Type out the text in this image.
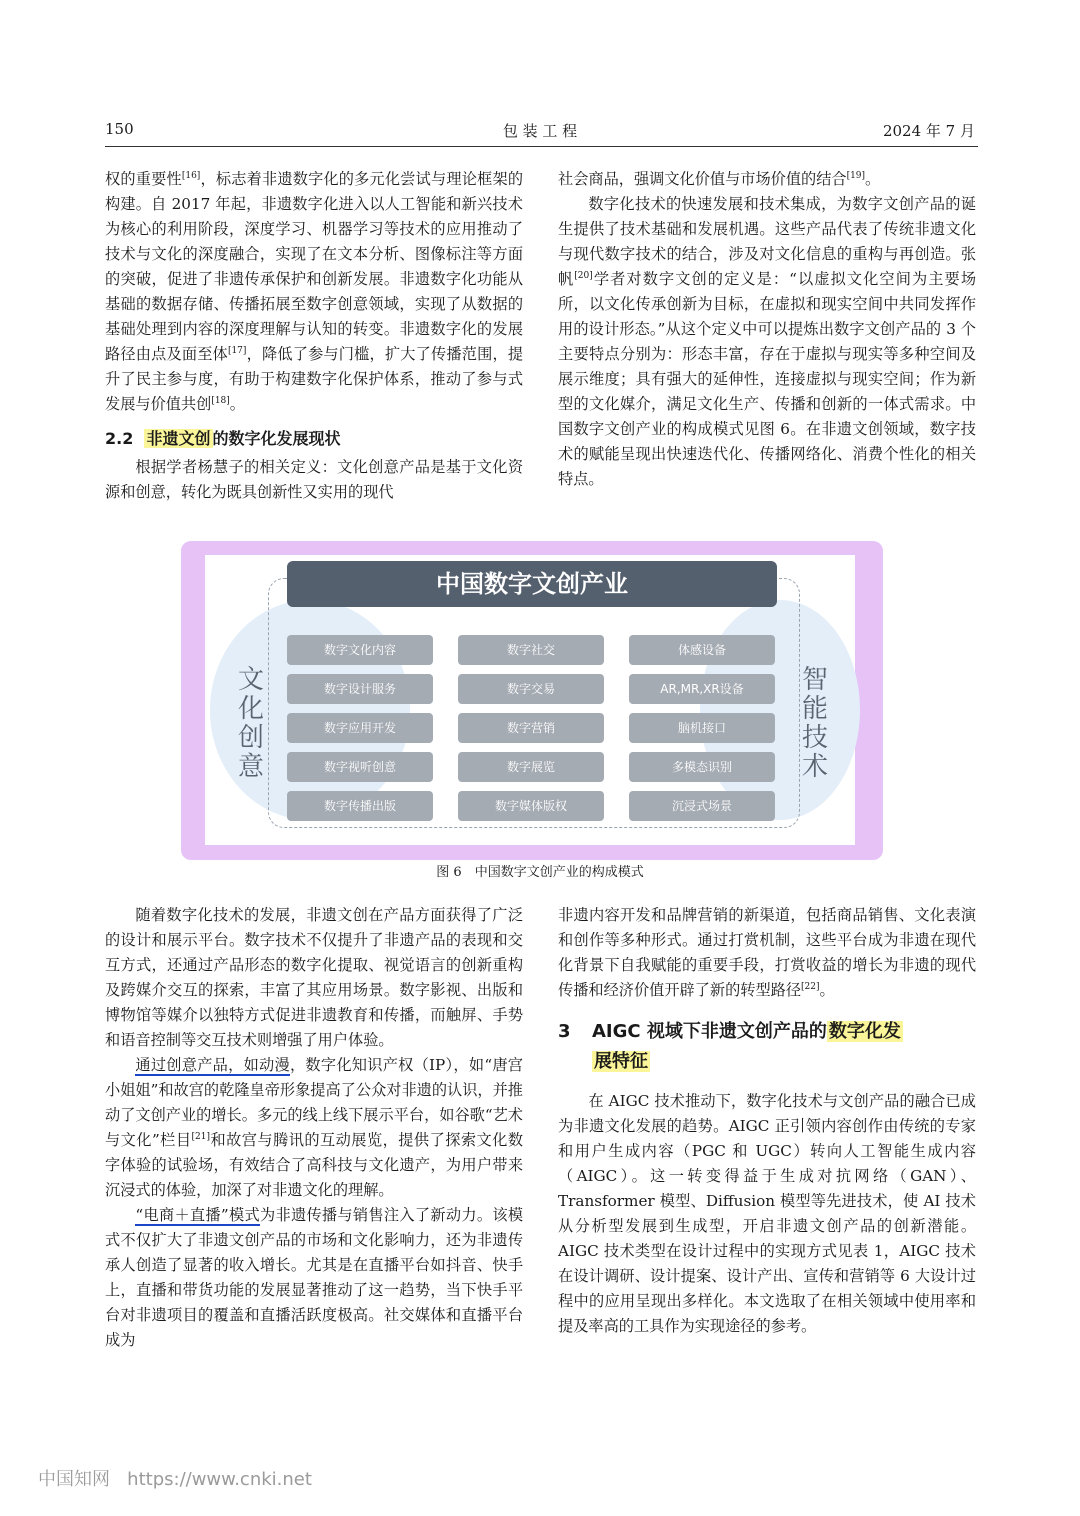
150	包 装 工 程	2024 年 7 月

权的重要性[16]，标志着非遗数字化的多元化尝试与理论框架的构建。自 2017 年起，非遗数字化进入以人工智能和新兴技术为核心的利用阶段，深度学习、机器学习等技术的应用推动了技术与文化的深度融合，实现了在文本分析、图像标注等方面的突破，促进了非遗传承保护和创新发展。非遗数字化功能从基础的数据存储、传播拓展至数字创意领域，实现了从数据的基础处理到内容的深度理解与认知的转变。非遗数字化的发展路径由点及面至体[17]，降低了参与门槛，扩大了传播范围，提升了民主参与度，有助于构建数字化保护体系，推动了参与式发展与价值共创[18]。

2.2 非遗文创 的数字化发展现状

根据学者杨慧子的相关定义：文化创意产品是基于文化资源和创意，转化为既具创新性又实用的现代

社会商品，强调文化价值与市场价值的结合[19]。

数字化技术的快速发展和技术集成，为数字文创产品的诞生提供了技术基础和发展机遇。这些产品代表了传统非遗文化与现代数字技术的结合，涉及对文化信息的重构与再创造。张帆[20]学者对数字文创的定义是：“以虚拟文化空间为主要场所，以文化传承创新为目标，在虚拟和现实空间中共同发挥作用的设计形态。”从这个定义中可以提炼出数字文创产品的 3 个主要特点分别为：形态丰富，存在于虚拟与现实等多种空间及展示维度；具有强大的延伸性，连接虚拟与现实空间；作为新型的文化媒介，满足文化生产、传播和创新的一体式需求。中国数字文创产业的构成模式见图 6。在非遗文创领域，数字技术的赋能呈现出快速迭代化、传播网络化、消费个性化的相关特点。

中国数字文创产业
文
化
创
意
智
能
技
术
数字文化内容
数字设计服务
数字应用开发
数字视听创意
数字传播出版
数字社交
数字交易
数字营销
数字展览
数字媒体版权
体感设备
AR,MR,XR设备
脑机接口
多模态识别
沉浸式场景
图 6　中国数字文创产业的构成模式

随着数字化技术的发展，非遗文创在产品方面获得了广泛的设计和展示平台。数字技术不仅提升了非遗产品的表现和交互方式，还通过产品形态的数字化提取、视觉语言的创新重构及跨媒介交互的探索，丰富了其应用场景。数字影视、出版和博物馆等媒介以独特方式促进非遗教育和传播，而触屏、手势和语音控制等交互技术则增强了用户体验。

通过创意产品，如动漫，数字化知识产权（IP），如“唐宫小姐姐”和故宫的乾隆皇帝形象提高了公众对非遗的认识，并推动了文创产业的增长。多元的线上线下展示平台，如谷歌“艺术与文化”栏目[21]和故宫与腾讯的互动展览，提供了探索文化数字体验的试验场，有效结合了高科技与文化遗产，为用户带来沉浸式的体验，加深了对非遗文化的理解。

“电商＋直播”模式为非遗传播与销售注入了新动力。该模式不仅扩大了非遗文创产品的市场和文化影响力，还为非遗传承人创造了显著的收入增长。尤其是在直播平台如抖音、快手上，直播和带货功能的发展显著推动了这一趋势，当下快手平台对非遗项目的覆盖和直播活跃度极高。社交媒体和直播平台成为

非遗内容开发和品牌营销的新渠道，包括商品销售、文化表演和创作等多种形式。通过打赏机制，这些平台成为非遗在现代化背景下自我赋能的重要手段，打赏收益的增长为非遗的现代传播和经济价值开辟了新的转型路径[22]。

3	AIGC 视域下非遗文创产品的 数字化发
展特征

在 AIGC 技术推动下，数字化技术与文创产品的融合已成为非遗文化发展的趋势。AIGC 正引领内容创作由传统的专家和用户生成内容（PGC 和 UGC）转向人工智能生成内容（AIGC）。这一转变得益于生成对抗网络（GAN）、Transformer 模型、Diffusion 模型等先进技术，使 AI 技术从分析型发展到生成型，开启非遗文创产品的创新潜能。AIGC 技术类型在设计过程中的实现方式见表 1，AIGC 技术在设计调研、设计提案、设计产出、宣传和营销等 6 大设计过程中的应用呈现出多样化。本文选取了在相关领域中使用率和提及率高的工具作为实现途径的参考。

中国知网 https://www.cnki.net
